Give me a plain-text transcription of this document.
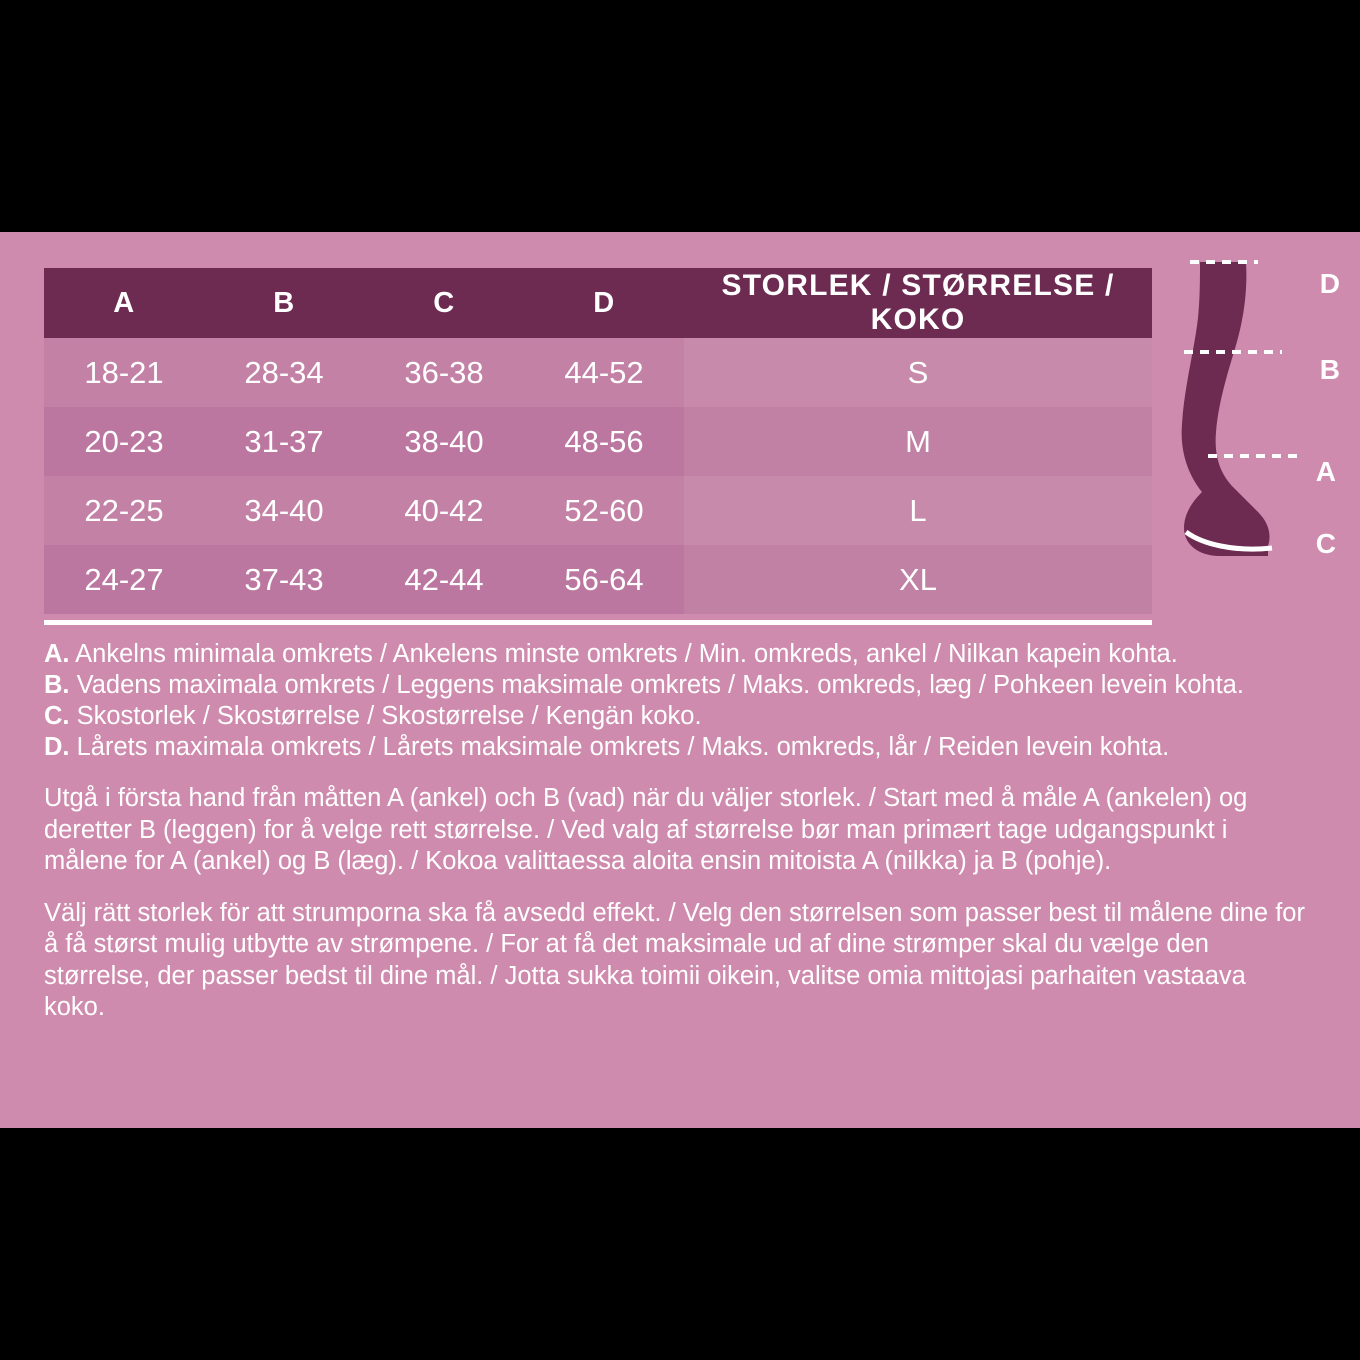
A	B	C	D	STORLEK / STØRRELSE / KOKO
18-21	28-34	36-38	44-52	S
20-23	31-37	38-40	48-56	M
22-25	34-40	40-42	52-60	L
24-27	37-43	42-44	56-64	XL
A. Ankelns minimala omkrets / Ankelens minste omkrets / Min. omkreds, ankel / Nilkan kapein kohta.
B. Vadens maximala omkrets / Leggens maksimale omkrets / Maks. omkreds, læg / Pohkeen levein kohta.
C. Skostorlek / Skostørrelse / Skostørrelse / Kengän koko.
D. Lårets maximala omkrets / Lårets maksimale omkrets / Maks. omkreds, lår / Reiden levein kohta.
Utgå i första hand från måtten A (ankel) och B (vad) när du väljer storlek. / Start med å måle A (ankelen) og deretter B (leggen) for å velge rett størrelse. / Ved valg af størrelse bør man primært tage udgangspunkt i målene for A (ankel) og B (læg). / Kokoa valittaessa aloita ensin mitoista A (nilkka) ja B (pohje).
Välj rätt storlek för att strumporna ska få avsedd effekt. / Velg den størrelsen som passer best til målene dine for å få størst mulig utbytte av strømpene. / For at få det maksimale ud af dine strømper skal du vælge den størrelse, der passer bedst til dine mål. / Jotta sukka toimii oikein, valitse omia mittojasi parhaiten vastaava koko.
D
B
A
C
